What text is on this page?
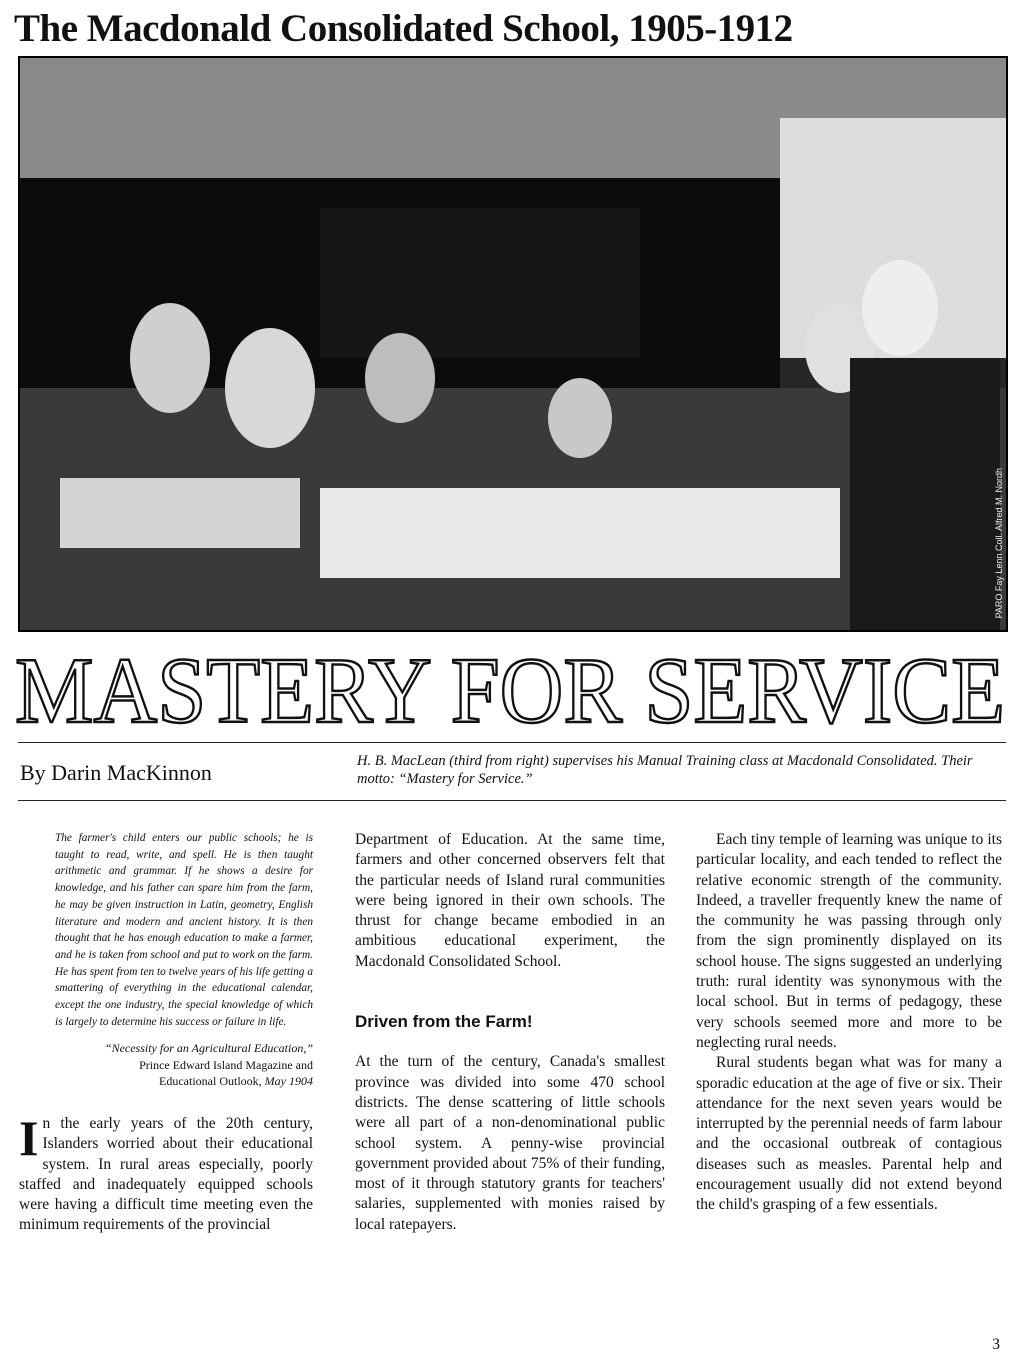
The Macdonald Consolidated School, 1905-1912
PARO Fay Lenn Coll. Alfred M. Nordh
MASTERY FOR SERVICE

By Darin MacKinnon	H. B. MacLean (third from right) supervises his Manual Training class at Macdonald Consolidated. Their motto: “Mastery for Service.”

The farmer's child enters our public schools; he is taught to read, write, and spell. He is then taught arithmetic and grammar. If he shows a desire for knowledge, and his father can spare him from the farm, he may be given instruction in Latin, geometry, English literature and modern and ancient history. It is then thought that he has enough education to make a farmer, and he is taken from school and put to work on the farm. He has spent from ten to twelve years of his life getting a smattering of everything in the educational calendar, except the one industry, the special knowledge of which is largely to determine his success or failure in life.

“Necessity for an Agricultural Education,”
Prince Edward Island Magazine and
Educational Outlook, May 1904

In the early years of the 20th century, Islanders worried about their educational system. In rural areas especially, poorly staffed and inadequately equipped schools were having a difficult time meeting even the minimum requirements of the provincial

Department of Education. At the same time, farmers and other concerned observers felt that the particular needs of Island rural communities were being ignored in their own schools. The thrust for change became embodied in an ambitious educational experiment, the Macdonald Consolidated School.

Driven from the Farm!

At the turn of the century, Canada's smallest province was divided into some 470 school districts. The dense scattering of little schools were all part of a non-denominational public school system. A penny-wise provincial government provided about 75% of their funding, most of it through statutory grants for teachers' salaries, supplemented with monies raised by local ratepayers.

Each tiny temple of learning was unique to its particular locality, and each tended to reflect the relative economic strength of the community. Indeed, a traveller frequently knew the name of the community he was passing through only from the sign prominently displayed on its school house. The signs suggested an underlying truth: rural identity was synonymous with the local school. But in terms of pedagogy, these very schools seemed more and more to be neglecting rural needs.

Rural students began what was for many a sporadic education at the age of five or six. Their attendance for the next seven years would be interrupted by the perennial needs of farm labour and the occasional outbreak of contagious diseases such as measles. Parental help and encouragement usually did not extend beyond the child's grasping of a few essentials.

3
